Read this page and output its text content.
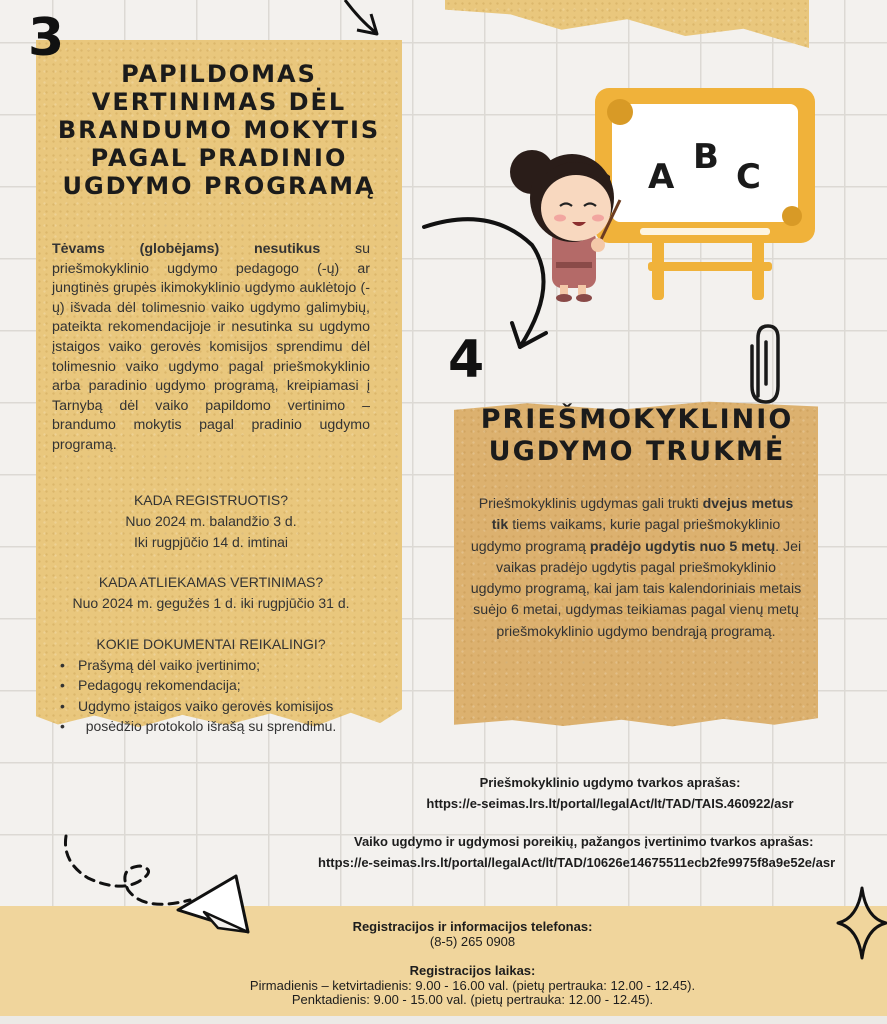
3
PAPILDOMAS
VERTINIMAS DĖL
BRANDUMO MOKYTIS
PAGAL PRADINIO
UGDYMO PROGRAMĄ
Tėvams (globėjams) nesutikus su priešmokyklinio ugdymo pedagogo (-ų) ar jungtinės grupės ikimokyklinio ugdymo auklėtojo (-ų) išvada dėl tolimesnio vaiko ugdymo galimybių, pateikta rekomendacijoje ir nesutinka su ugdymo įstaigos vaiko gerovės komisijos sprendimu dėl tolimesnio vaiko ugdymo pagal priešmokyklinio arba paradinio ugdymo programą, kreipiamasi į Tarnybą dėl vaiko papildomo vertinimo – brandumo mokytis pagal pradinio ugdymo programą.
KADA REGISTRUOTIS?
Nuo 2024 m. balandžio 3 d.
Iki rugpjūčio 14 d. imtinai
KADA ATLIEKAMAS VERTINIMAS?
Nuo 2024 m. gegužės 1 d. iki rugpjūčio 31 d.
KOKIE DOKUMENTAI REIKALINGI?
• Prašymą dėl vaiko įvertinimo;
• Pedagogų rekomendacija;
• Ugdymo įstaigos vaiko gerovės komisijos
• posėdžio protokolo išrašą su sprendimu.
A B C
4
PRIEŠMOKYKLINIO
UGDYMO TRUKMĖ
Priešmokyklinis ugdymas gali trukti dvejus metus tik tiems vaikams, kurie pagal priešmokyklinio ugdymo programą pradėjo ugdytis nuo 5 metų. Jei vaikas pradėjo ugdytis pagal priešmokyklinio ugdymo programą, kai jam tais kalendoriniais metais suėjo 6 metai, ugdymas teikiamas pagal vienų metų priešmokyklinio ugdymo bendrąją programą.
Priešmokyklinio ugdymo tvarkos aprašas:
https://e-seimas.lrs.lt/portal/legalAct/lt/TAD/TAIS.460922/asr
Vaiko ugdymo ir ugdymosi poreikių, pažangos įvertinimo tvarkos aprašas:
https://e-seimas.lrs.lt/portal/legalAct/lt/TAD/10626e14675511ecb2fe9975f8a9e52e/asr
Registracijos ir informacijos telefonas:
(8-5) 265 0908
Registracijos laikas:
Pirmadienis – ketvirtadienis: 9.00 - 16.00 val. (pietų pertrauka: 12.00 - 12.45).
Penktadienis: 9.00 - 15.00 val. (pietų pertrauka: 12.00 - 12.45).
